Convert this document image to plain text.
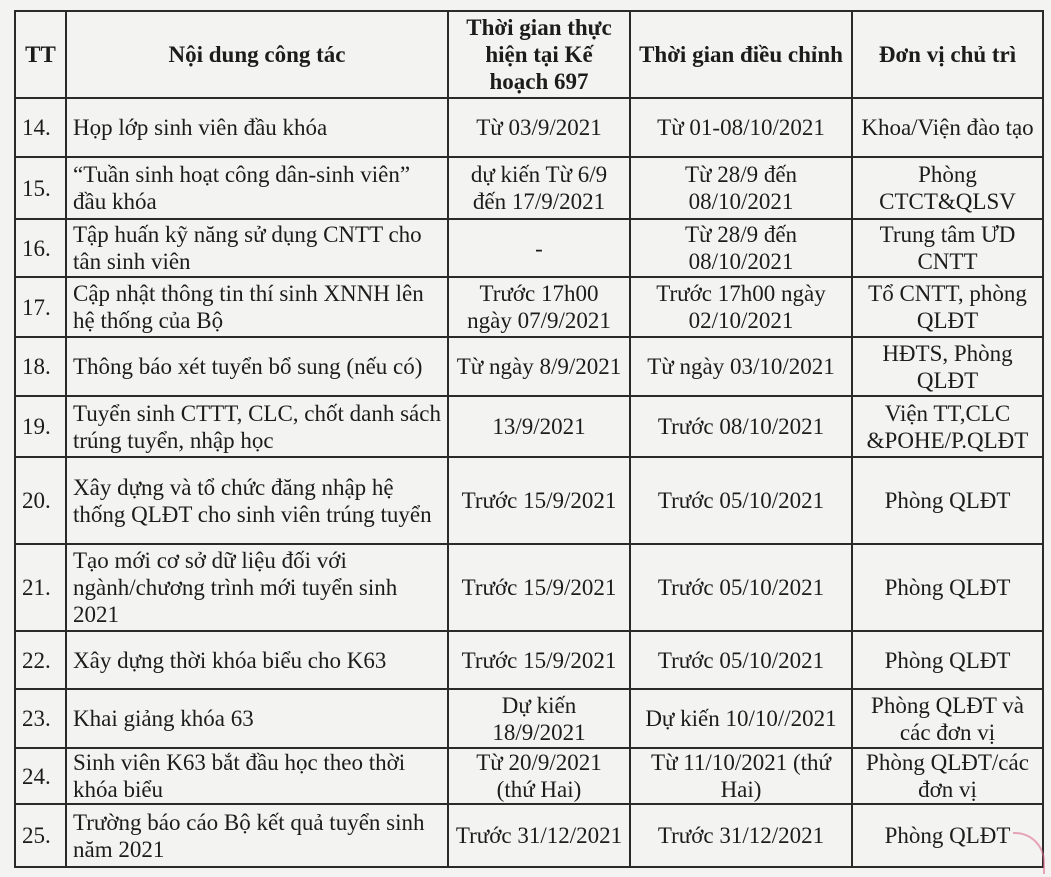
TT	Nội dung công tác	Thời gian thực hiện tại Kế hoạch 697	Thời gian điều chỉnh	Đơn vị chủ trì
14.	Họp lớp sinh viên đầu khóa	Từ 03/9/2021	Từ 01-08/10/2021	Khoa/Viện đào tạo
15.	“Tuần sinh hoạt công dân-sinh viên” đầu khóa	dự kiến Từ 6/9 đến 17/9/2021	Từ 28/9 đến 08/10/2021	Phòng CTCT&QLSV
16.	Tập huấn kỹ năng sử dụng CNTT cho tân sinh viên	-	Từ 28/9 đến 08/10/2021	Trung tâm ƯD CNTT
17.	Cập nhật thông tin thí sinh XNNH lên hệ thống của Bộ	Trước 17h00 ngày 07/9/2021	Trước 17h00 ngày 02/10/2021	Tổ CNTT, phòng QLĐT
18.	Thông báo xét tuyển bổ sung (nếu có)	Từ ngày 8/9/2021	Từ ngày 03/10/2021	HĐTS, Phòng QLĐT
19.	Tuyển sinh CTTT, CLC, chốt danh sách trúng tuyển, nhập học	13/9/2021	Trước 08/10/2021	Viện TT,CLC &POHE/P.QLĐT
20.	Xây dựng và tổ chức đăng nhập hệ thống QLĐT cho sinh viên trúng tuyển	Trước 15/9/2021	Trước 05/10/2021	Phòng QLĐT
21.	Tạo mới cơ sở dữ liệu đối với ngành/chương trình mới tuyển sinh 2021	Trước 15/9/2021	Trước 05/10/2021	Phòng QLĐT
22.	Xây dựng thời khóa biểu cho K63	Trước 15/9/2021	Trước 05/10/2021	Phòng QLĐT
23.	Khai giảng khóa 63	Dự kiến 18/9/2021	Dự kiến 10/10//2021	Phòng QLĐT và các đơn vị
24.	Sinh viên K63 bắt đầu học theo thời khóa biểu	Từ 20/9/2021 (thứ Hai)	Từ 11/10/2021 (thứ Hai)	Phòng QLĐT/các đơn vị
25.	Trường báo cáo Bộ kết quả tuyển sinh năm 2021	Trước 31/12/2021	Trước 31/12/2021	Phòng QLĐT
